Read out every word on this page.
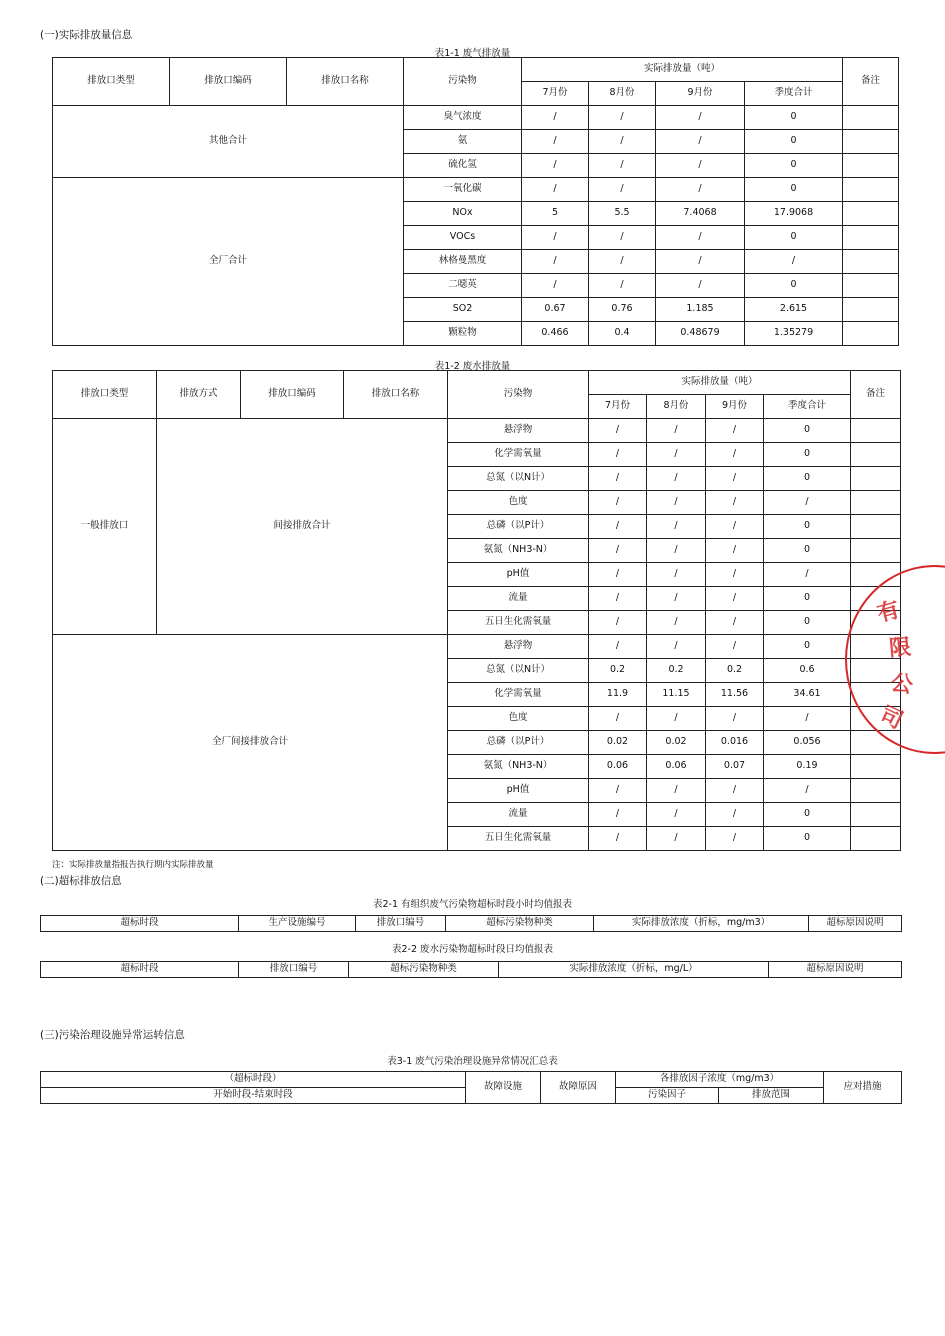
(一)实际排放量信息
表1-1 废气排放量
排放口类型	排放口编码	排放口名称	污染物	实际排放量（吨）				备注
				7月份	8月份	9月份	季度合计	
其他合计			臭气浓度	/	/	/	0	
			氨	/	/	/	0	
			硫化氢	/	/	/	0	
全厂合计			一氧化碳	/	/	/	0	
			NOx	5	5.5	7.4068	17.9068	
			VOCs	/	/	/	0	
			林格曼黑度	/	/	/	/	
			二噁英	/	/	/	0	
			SO2	0.67	0.76	1.185	2.615	
			颗粒物	0.466	0.4	0.48679	1.35279	
表1-2 废水排放量
排放口类型	排放方式	排放口编码	排放口名称	污染物	实际排放量（吨）				备注
					7月份	8月份	9月份	季度合计	
一般排放口	间接排放合计			悬浮物	/	/	/	0	
				化学需氧量	/	/	/	0	
				总氮（以N计）	/	/	/	0	
				色度	/	/	/	/	
				总磷（以P计）	/	/	/	0	
				氨氮（NH3-N）	/	/	/	0	
				pH值	/	/	/	/	
				流量	/	/	/	0	
				五日生化需氧量	/	/	/	0	
全厂间接排放合计				悬浮物	/	/	/	0	
				总氮（以N计）	0.2	0.2	0.2	0.6	
				化学需氧量	11.9	11.15	11.56	34.61	
				色度	/	/	/	/	
				总磷（以P计）	0.02	0.02	0.016	0.056	
				氨氮（NH3-N）	0.06	0.06	0.07	0.19	
				pH值	/	/	/	/	
				流量	/	/	/	0	
				五日生化需氧量	/	/	/	0	
注：实际排放量指报告执行期内实际排放量
(二)超标排放信息
表2-1 有组织废气污染物超标时段小时均值报表
超标时段	生产设施编号	排放口编号	超标污染物种类	实际排放浓度（折标，mg/m3）	超标原因说明
表2-2 废水污染物超标时段日均值报表
超标时段	排放口编号	超标污染物种类	实际排放浓度（折标，mg/L）	超标原因说明
(三)污染治理设施异常运转信息
表3-1 废气污染治理设施异常情况汇总表
（超标时段）	故障设施	故障原因	各排放因子浓度（mg/m3）		应对措施
开始时段-结束时段			污染因子	排放范围	
有
限
公
司
